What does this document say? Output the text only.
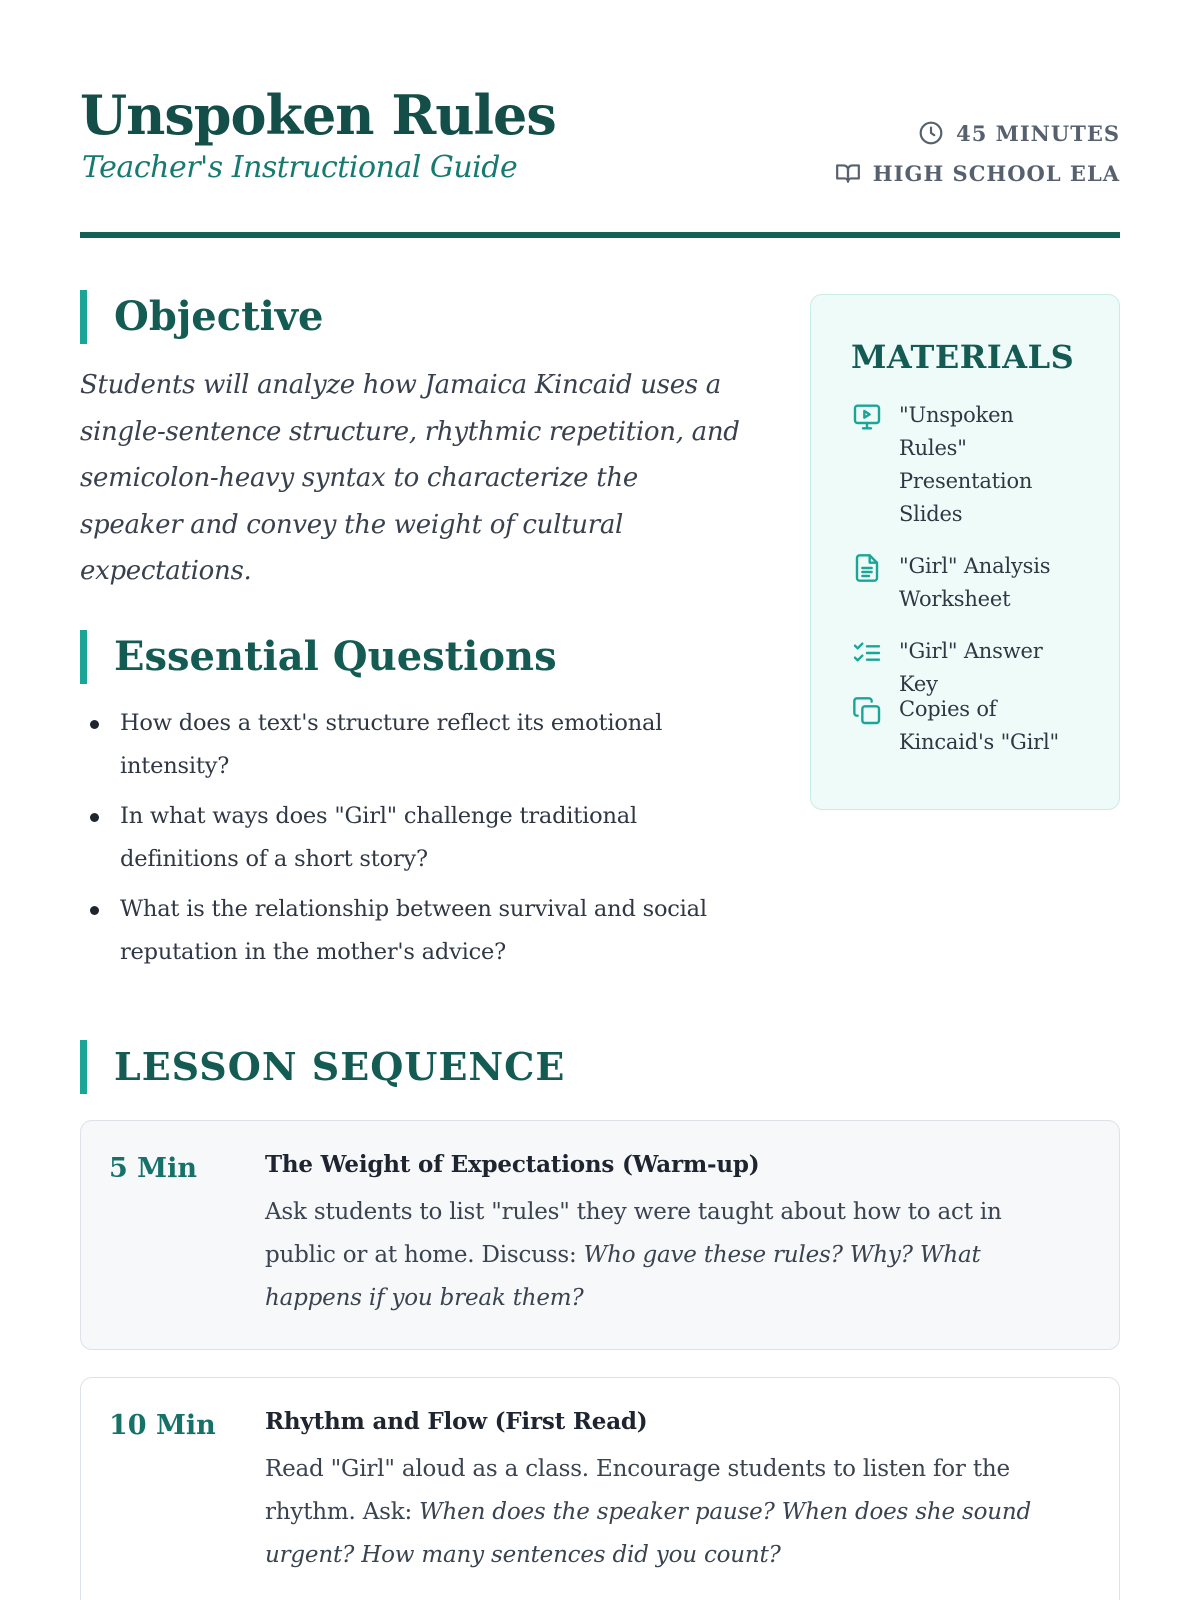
Unspoken Rules
Teacher's Instructional Guide
45 MINUTES
HIGH SCHOOL ELA
Objective

Students will analyze how Jamaica Kincaid uses a single-sentence structure, rhythmic repetition, and semicolon-heavy syntax to characterize the speaker and convey the weight of cultural expectations.

Essential Questions
How does a text's structure reflect its emotional intensity?
In what ways does "Girl" challenge traditional definitions of a short story?
What is the relationship between survival and social reputation in the mother's advice?
MATERIALS
"Unspoken Rules" Presentation Slides
"Girl" Analysis Worksheet
"Girl" Answer Key
Copies of Kincaid's "Girl"
LESSON SEQUENCE
5 Min	The Weight of Expectations (Warm-up)

Ask students to list "rules" they were taught about how to act in public or at home. Discuss: Who gave these rules? Why? What happens if you break them?

10 Min Rhythm and Flow (First Read)

Read "Girl" aloud as a class. Encourage students to listen for the rhythm. Ask: When does the speaker pause? When does she sound urgent? How many sentences did you count?
